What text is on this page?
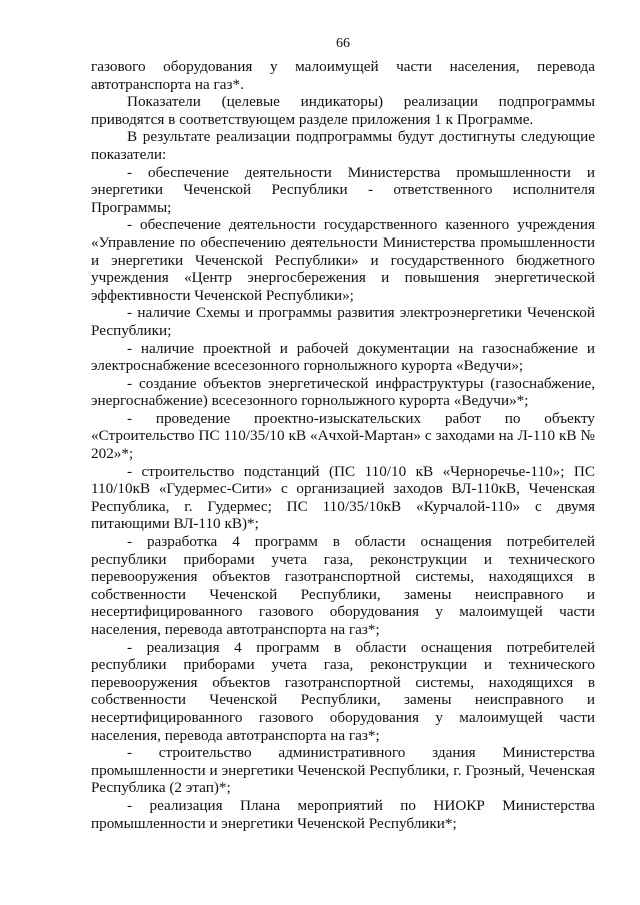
66

газового оборудования у малоимущей части населения, перевода автотранспорта на газ*.

Показатели (целевые индикаторы) реализации подпрограммы приводятся в соответствующем разделе приложения 1 к Программе.

В результате реализации подпрограммы будут достигнуты следующие показатели:

- обеспечение деятельности Министерства промышленности и энергетики Чеченской Республики - ответственного исполнителя Программы;

- обеспечение деятельности государственного казенного учреждения «Управление по обеспечению деятельности Министерства промышленности и энергетики Чеченской Республики» и государственного бюджетного учреждения «Центр энергосбережения и повышения энергетической эффективности Чеченской Республики»;

- наличие Схемы и программы развития электроэнергетики Чеченской Республики;

- наличие проектной и рабочей документации на газоснабжение и электроснабжение всесезонного горнолыжного курорта «Ведучи»;

- создание объектов энергетической инфраструктуры (газоснабжение, энергоснабжение) всесезонного горнолыжного курорта «Ведучи»*;

- проведение проектно-изыскательских работ по объекту «Строительство ПС 110/35/10 кВ «Ачхой-Мартан» с заходами на Л-110 кВ № 202»*;

- строительство подстанций (ПС 110/10 кВ «Черноречье-110»; ПС 110/10кВ «Гудермес-Сити» с организацией заходов ВЛ-110кВ, Чеченская Республика, г. Гудермес; ПС 110/35/10кВ «Курчалой-110» с двумя питающими ВЛ-110 кВ)*;

- разработка 4 программ в области оснащения потребителей республики приборами учета газа, реконструкции и технического перевооружения объектов газотранспортной системы, находящихся в собственности Чеченской Республики, замены неисправного и несертифицированного газового оборудования у малоимущей части населения, перевода автотранспорта на газ*;

- реализация 4 программ в области оснащения потребителей республики приборами учета газа, реконструкции и технического перевооружения объектов газотранспортной системы, находящихся в собственности Чеченской Республики, замены неисправного и несертифицированного газового оборудования у малоимущей части населения, перевода автотранспорта на газ*;

- строительство административного здания Министерства промышленности и энергетики Чеченской Республики, г. Грозный, Чеченская Республика (2 этап)*;

- реализация Плана мероприятий по НИОКР Министерства промышленности и энергетики Чеченской Республики*;
